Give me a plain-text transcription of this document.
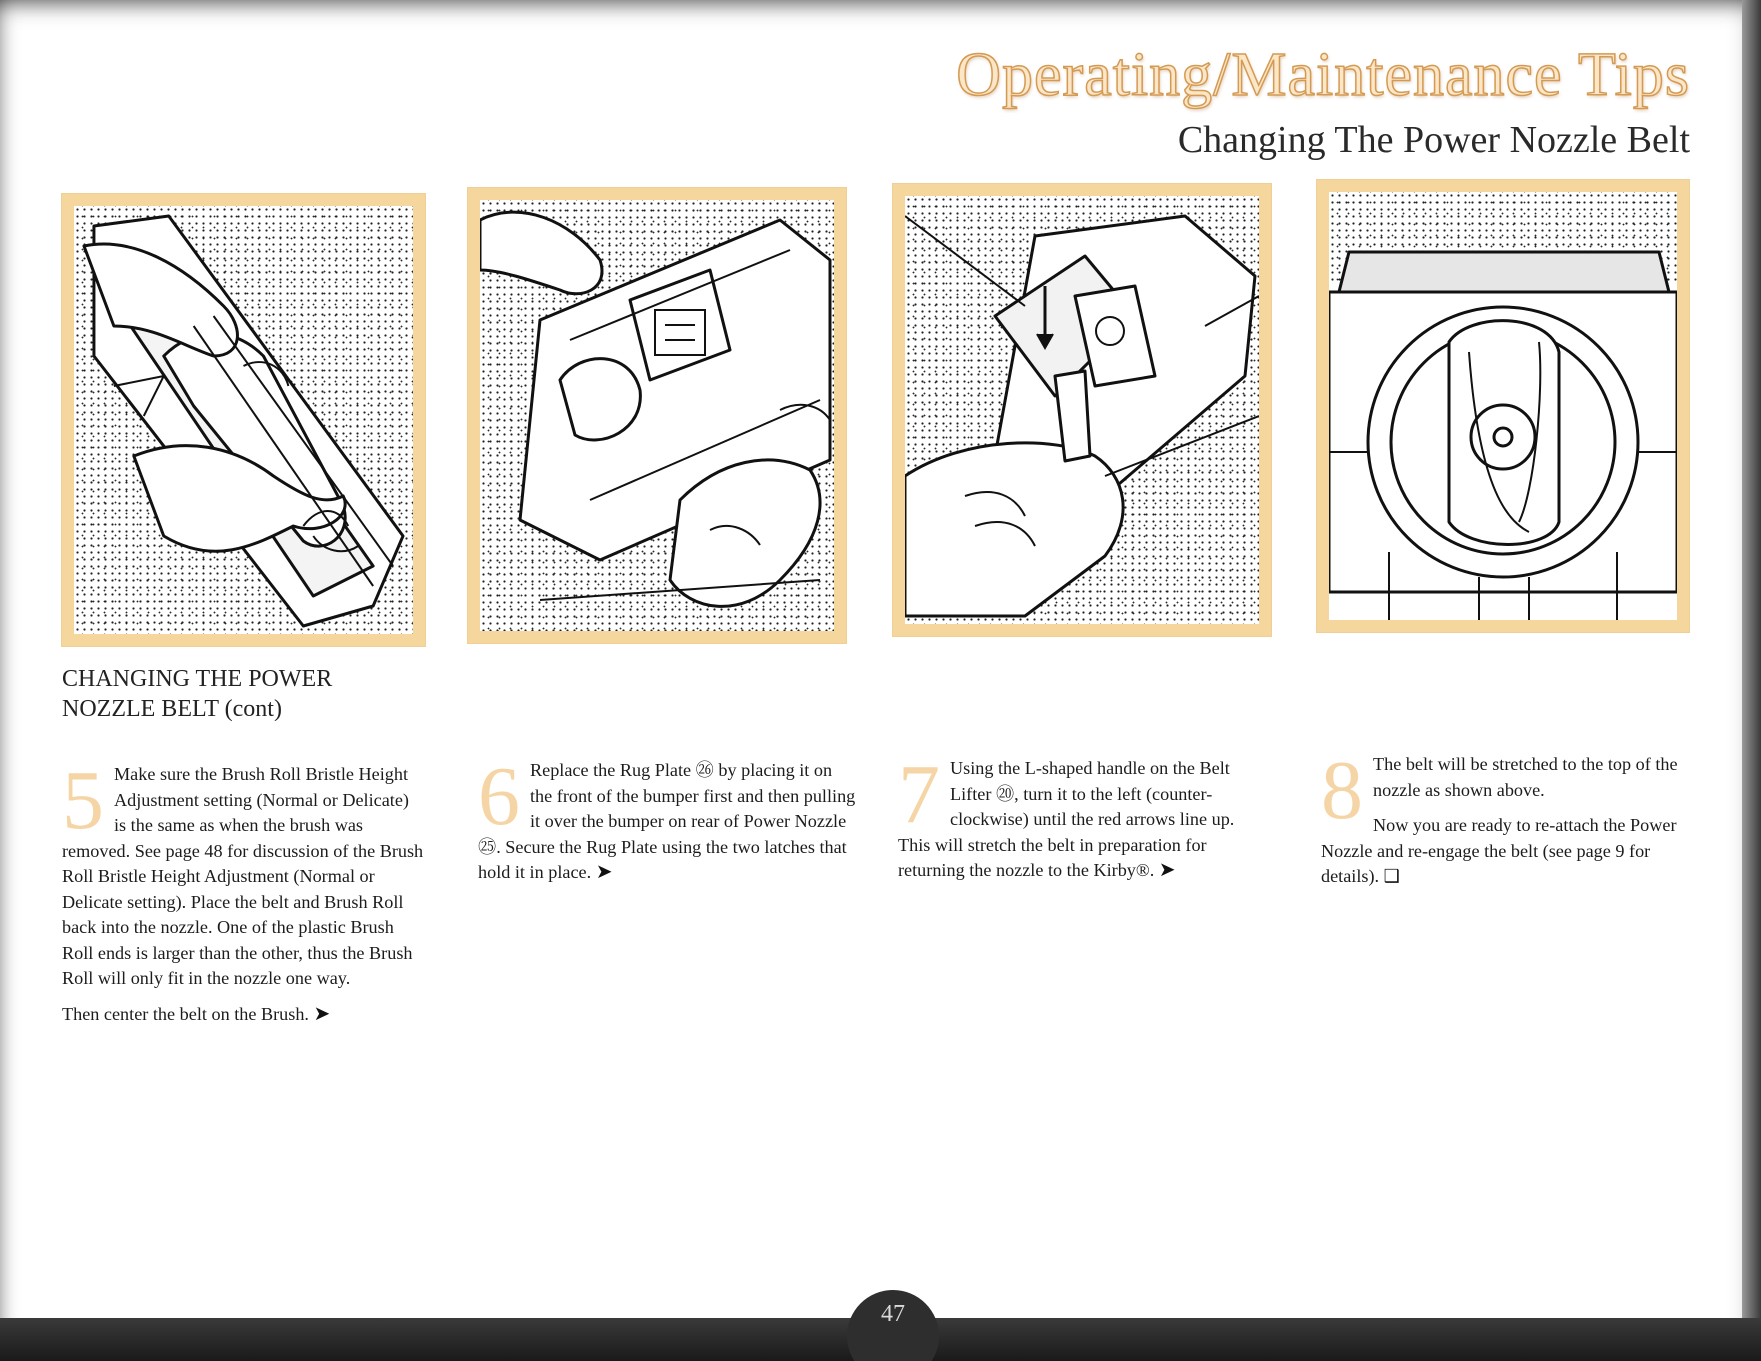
Operating/Maintenance Tips
Changing The Power Nozzle Belt
CHANGING THE POWER
NOZZLE BELT (cont)
5 Make sure the Brush Roll Bristle Height Adjustment setting (Normal or Delicate) is the same as when the brush was removed. See page 48 for discussion of the Brush Roll Bristle Height Adjustment (Normal or Delicate setting). Place the belt and Brush Roll back into the nozzle. One of the plastic Brush Roll ends is larger than the other, thus the Brush Roll will only fit in the nozzle one way.

Then center the belt on the Brush. ➤

6 Replace the Rug Plate ㉖ by placing it on the front of the bumper first and then pulling it over the bumper on rear of Power Nozzle ㉕. Secure the Rug Plate using the two latches that hold it in place. ➤

7 Using the L-shaped handle on the Belt Lifter ⑳, turn it to the left (counter-clockwise) until the red arrows line up. This will stretch the belt in preparation for returning the nozzle to the Kirby®. ➤

8 The belt will be stretched to the top of the nozzle as shown above.

Now you are ready to re-attach the Power Nozzle and re-engage the belt (see page 9 for details). ❑

47
